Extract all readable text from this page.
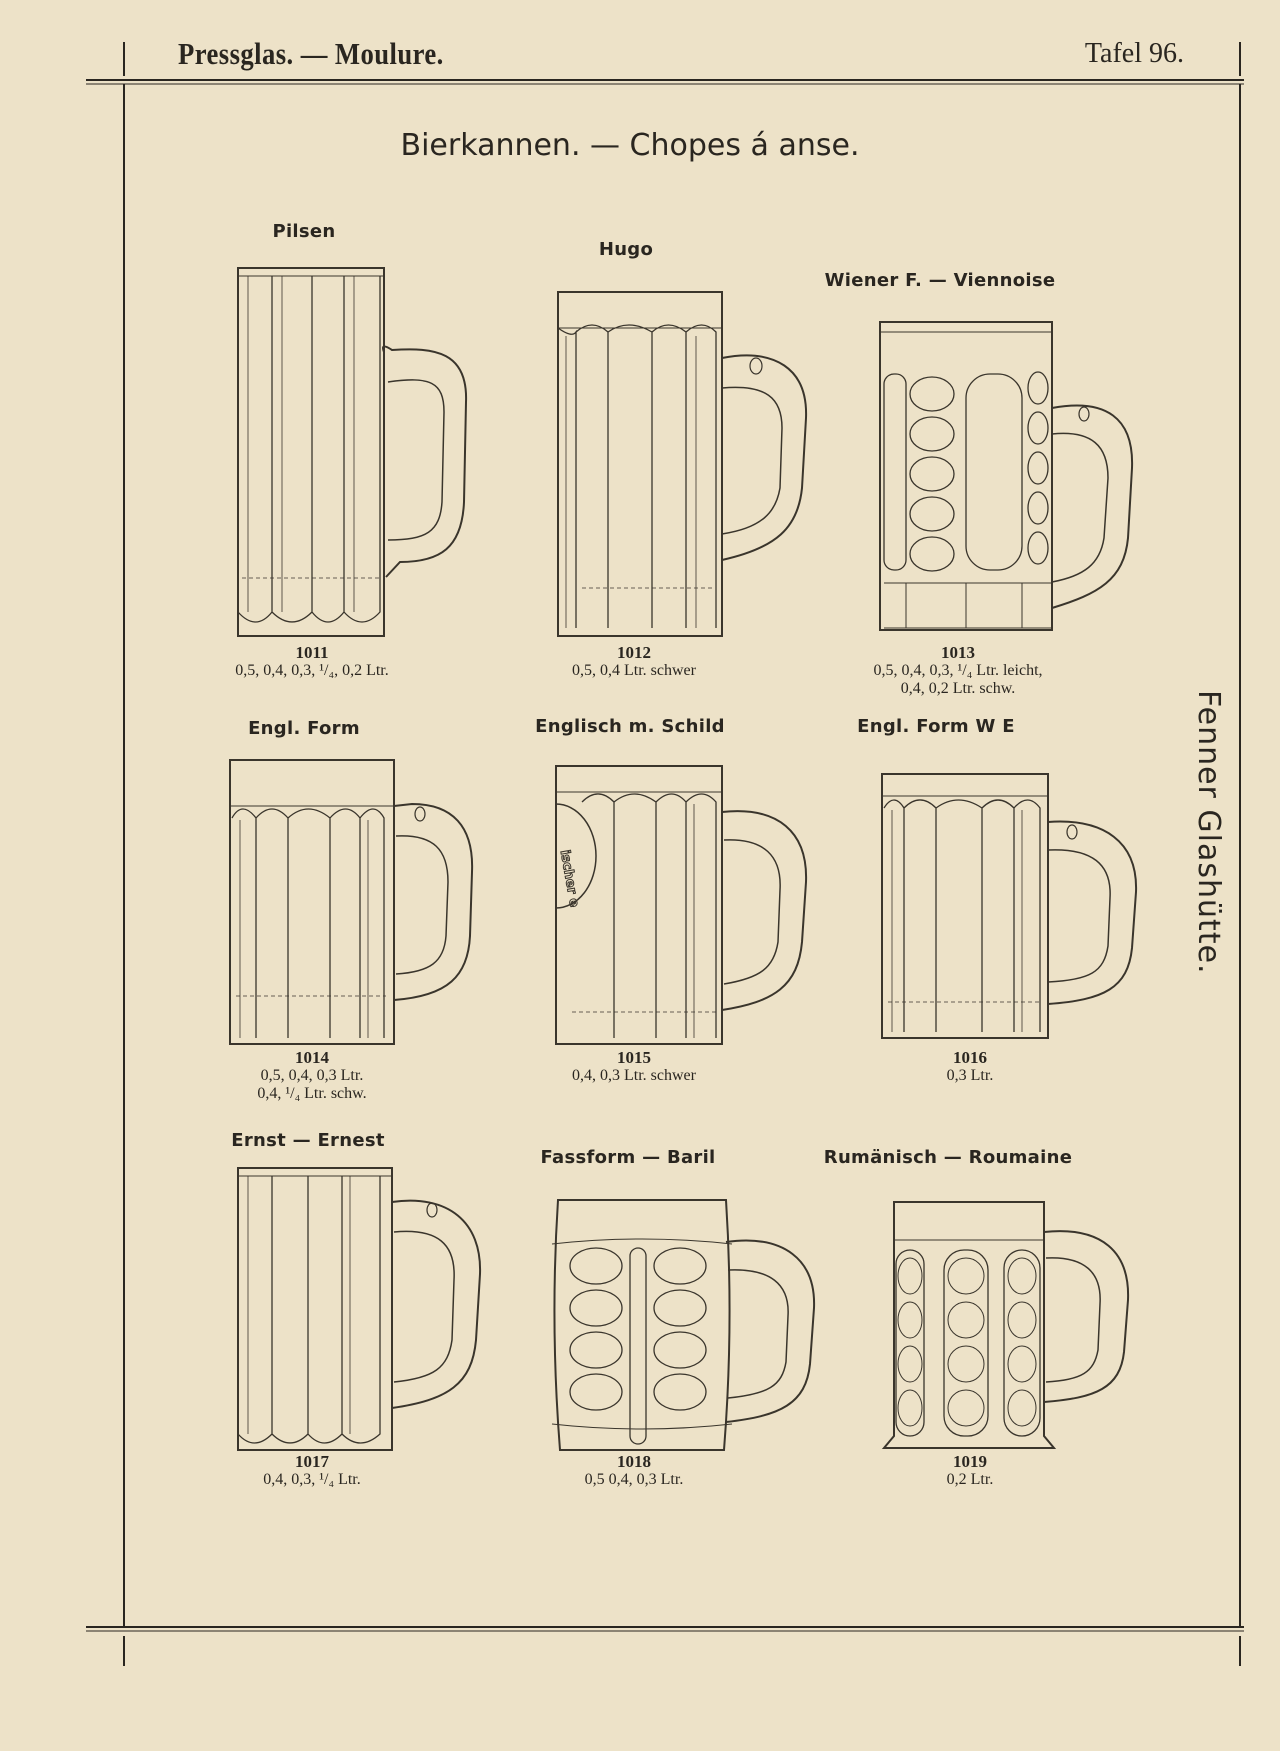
Pressglas. — Moulure.	Tafel 96.
Bierkannen. — Chopes á anse.
Fenner Glashütte.
Pilsen
Hugo
Wiener F. — Viennoise
1011
0,5, 0,4, 0,3, ¹/₄, 0,2 Ltr.
1012
0,5, 0,4 Ltr. schwer
1013
0,5, 0,4, 0,3, ¹/₄ Ltr. leicht,
0,4, 0,2 Ltr. schw.
Engl. Form	Englisch m. Schild	Engl. Form W E
ischer e
1014
0,5, 0,4, 0,3 Ltr.
0,4, ¹/₄ Ltr. schw.
1015
0,4, 0,3 Ltr. schwer
1016
0,3 Ltr.
Ernst — Ernest
Fassform — Baril	Rumänisch — Roumaine
1017
0,4, 0,3, ¹/₄ Ltr.
1018
0,5 0,4, 0,3 Ltr.
1019
0,2 Ltr.
